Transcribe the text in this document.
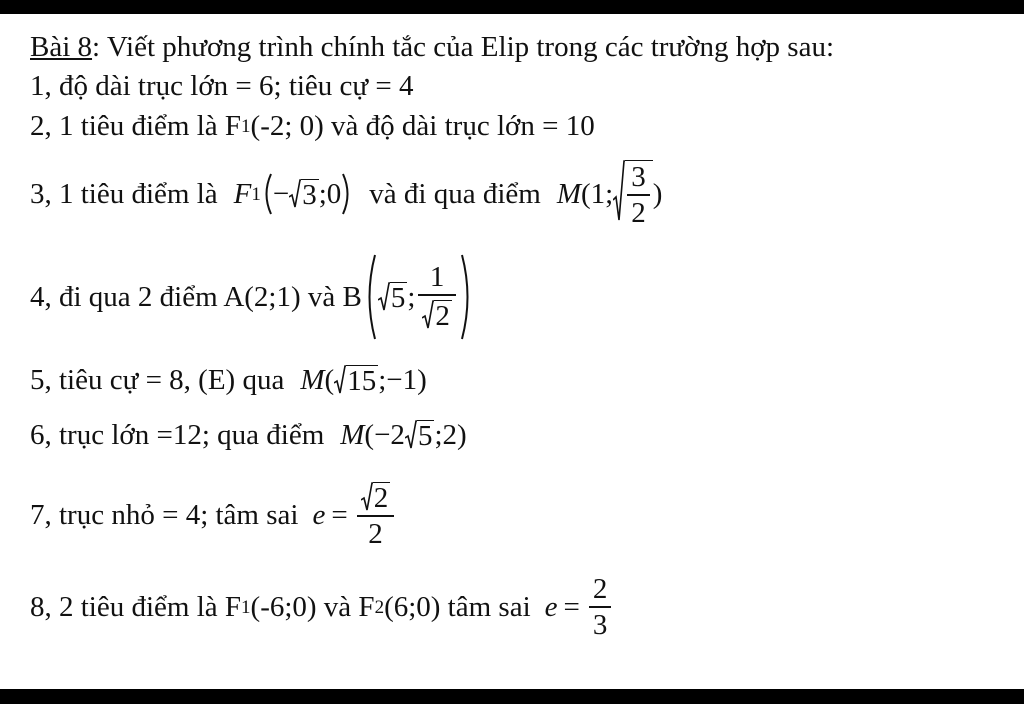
Bài 8: Viết phương trình chính tắc của Elip trong các trường hợp sau:
1, độ dài trục lớn = 6; tiêu cự = 4
2, 1 tiêu điểm là F1(-2; 0) và độ dài trục lớn = 10
3, 1 tiêu điểm là F 1 − 3 ;0 và đi qua điểm M (1; $\frac{3}{2}$ )
4, đi qua 2 điểm A(2;1) và B 5 ; $\frac{1}{2}$
5, tiêu cự = 8, (E) qua M ( 15 ;−1)
6, trục lớn =12; qua điểm M (−2 5 ;2)
7, trục nhỏ = 4; tâm sai $e = \frac{2}{2}$
8, 2 tiêu điểm là F 1 (-6;0) và F 2 (6;0) tâm sai $e = \frac{2}{3}$
